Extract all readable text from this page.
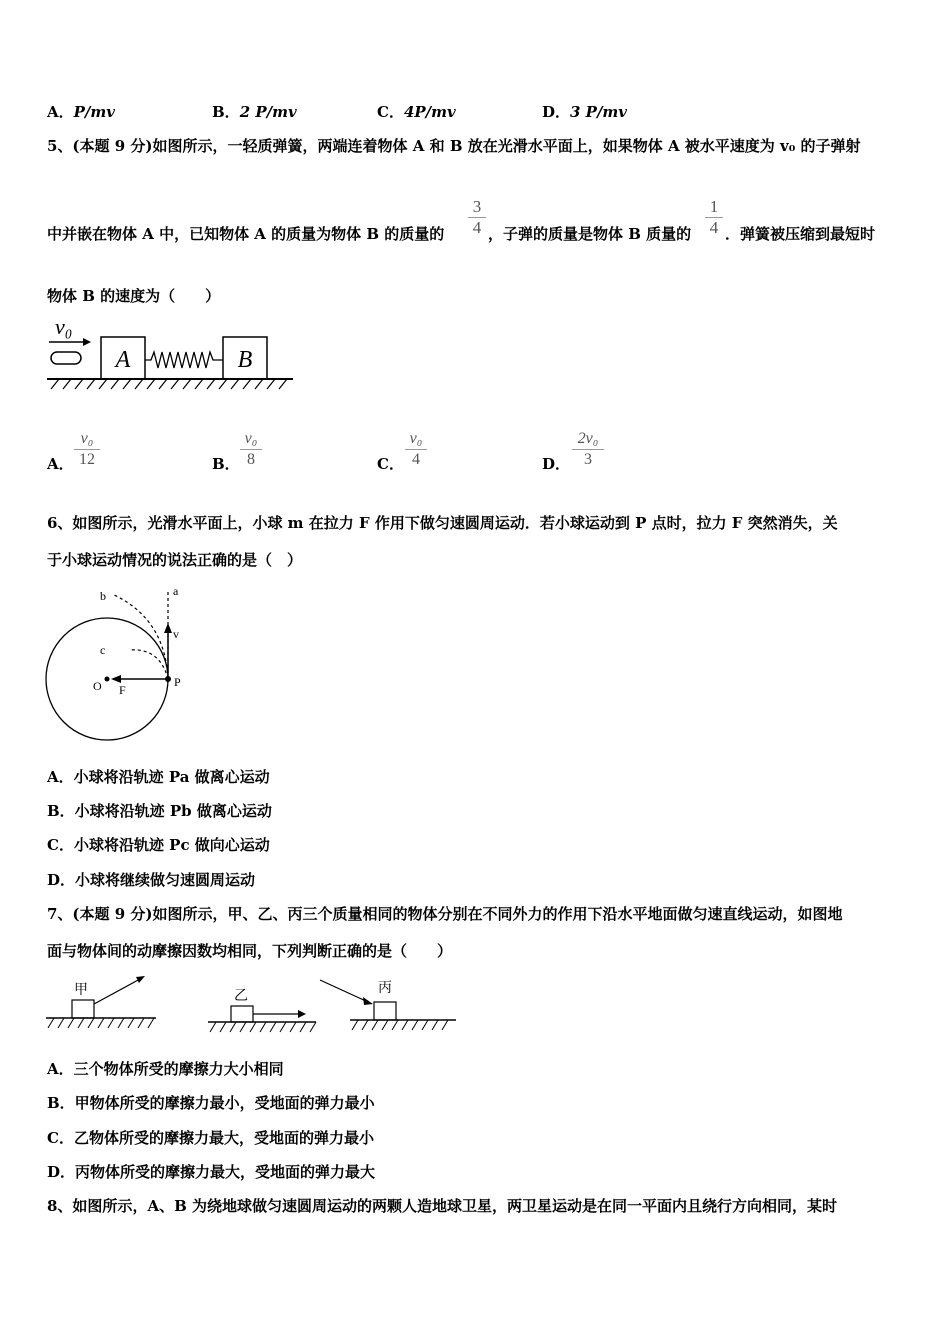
A．P/mv	B．2 P/mv	C．4P/mv	D．3 P/mv
5、(本题 9 分)如图所示，一轻质弹簧，两端连着物体 A 和 B 放在光滑水平面上，如果物体 A 被水平速度为 v₀ 的子弹射
中并嵌在物体 A 中，已知物体 A 的质量为物体 B 的质量的
3
4 ，子弹的质量是物体 B 质量的
1
4 ．弹簧被压缩到最短时
物体 B 的速度为（　　）
v₀
A	B
A．
v₀
12	B．
v₀
8	C．
v₀
4	D．
2v₀
3
6、如图所示，光滑水平面上，小球 m 在拉力 F 作用下做匀速圆周运动．若小球运动到 P 点时，拉力 F 突然消失，关
于小球运动情况的说法正确的是（　）
a
b
c
v
O F
P
A．小球将沿轨迹 Pa 做离心运动
B．小球将沿轨迹 Pb 做离心运动
C．小球将沿轨迹 Pc 做向心运动
D．小球将继续做匀速圆周运动
7、(本题 9 分)如图所示，甲、乙、丙三个质量相同的物体分别在不同外力的作用下沿水平地面做匀速直线运动，如图地
面与物体间的动摩擦因数均相同，下列判断正确的是（　　）
甲	乙
丙
A．三个物体所受的摩擦力大小相同
B．甲物体所受的摩擦力最小，受地面的弹力最小
C．乙物体所受的摩擦力最大，受地面的弹力最小
D．丙物体所受的摩擦力最大，受地面的弹力最大
8、如图所示，A、B 为绕地球做匀速圆周运动的两颗人造地球卫星，两卫星运动是在同一平面内且绕行方向相同，某时
